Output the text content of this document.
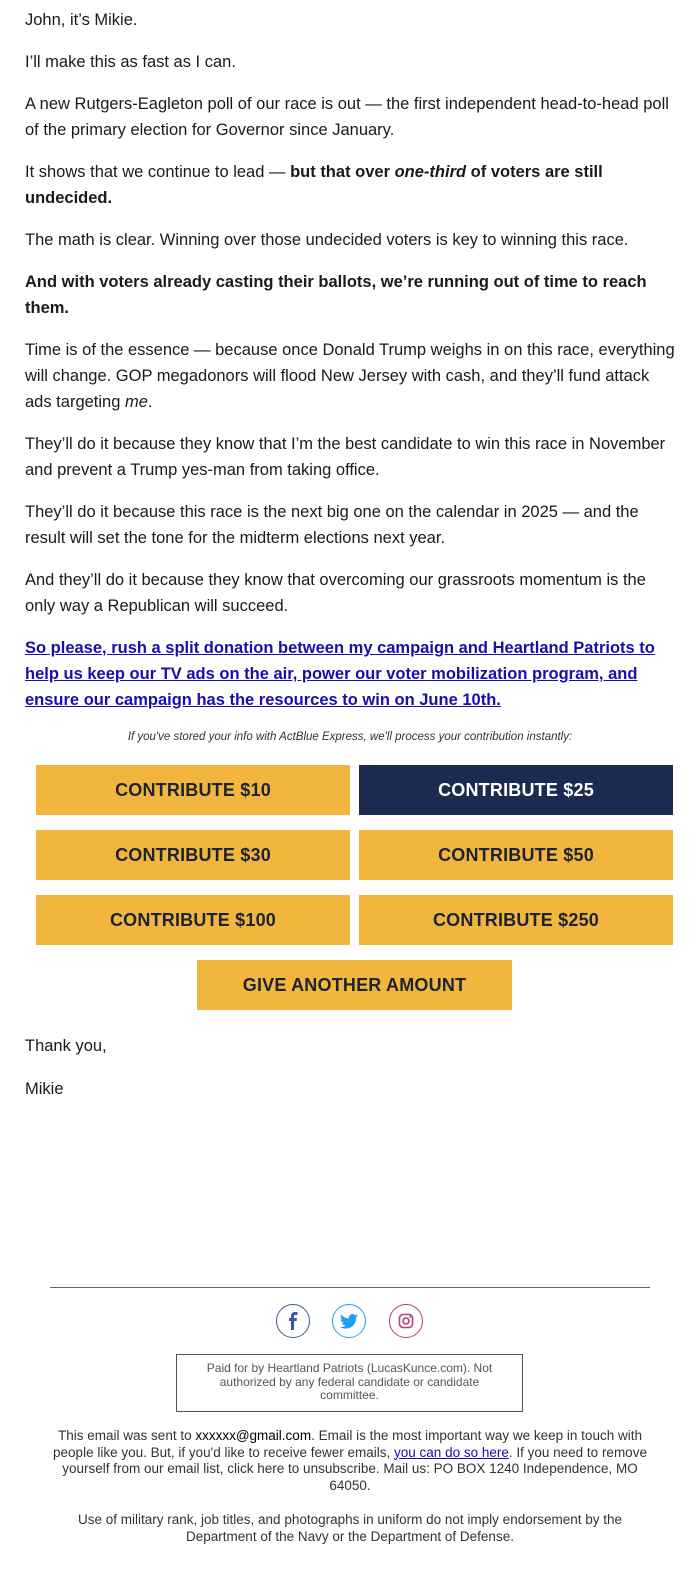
John, it’s Mikie.

I’ll make this as fast as I can.

A new Rutgers-Eagleton poll of our race is out — the first independent head-to-head poll of the primary election for Governor since January.

It shows that we continue to lead — but that over one-third of voters are still undecided.

The math is clear. Winning over those undecided voters is key to winning this race.

And with voters already casting their ballots, we’re running out of time to reach them.

Time is of the essence — because once Donald Trump weighs in on this race, everything will change. GOP megadonors will flood New Jersey with cash, and they’ll fund attack ads targeting me.

They’ll do it because they know that I’m the best candidate to win this race in November and prevent a Trump yes-man from taking office.

They’ll do it because this race is the next big one on the calendar in 2025 — and the result will set the tone for the midterm elections next year.

And they’ll do it because they know that overcoming our grassroots momentum is the only way a Republican will succeed.

So please, rush a split donation between my campaign and Heartland Patriots to help us keep our TV ads on the air, power our voter mobilization program, and ensure our campaign has the resources to win on June 10th.

If you've stored your info with ActBlue Express, we'll process your contribution instantly:
CONTRIBUTE $10	CONTRIBUTE $25
CONTRIBUTE $30	CONTRIBUTE $50
CONTRIBUTE $100	CONTRIBUTE $250
GIVE ANOTHER AMOUNT
Thank you,
Mikie
Paid for by Heartland Patriots (LucasKunce.com). Not authorized by any federal candidate or candidate committee.
This email was sent to xxxxxx@gmail.com. Email is the most important way we keep in touch with people like you. But, if you'd like to receive fewer emails, you can do so here. If you need to remove yourself from our email list, click here to unsubscribe. Mail us: PO BOX 1240 Independence, MO 64050.
Use of military rank, job titles, and photographs in uniform do not imply endorsement by the Department of the Navy or the Department of Defense.
